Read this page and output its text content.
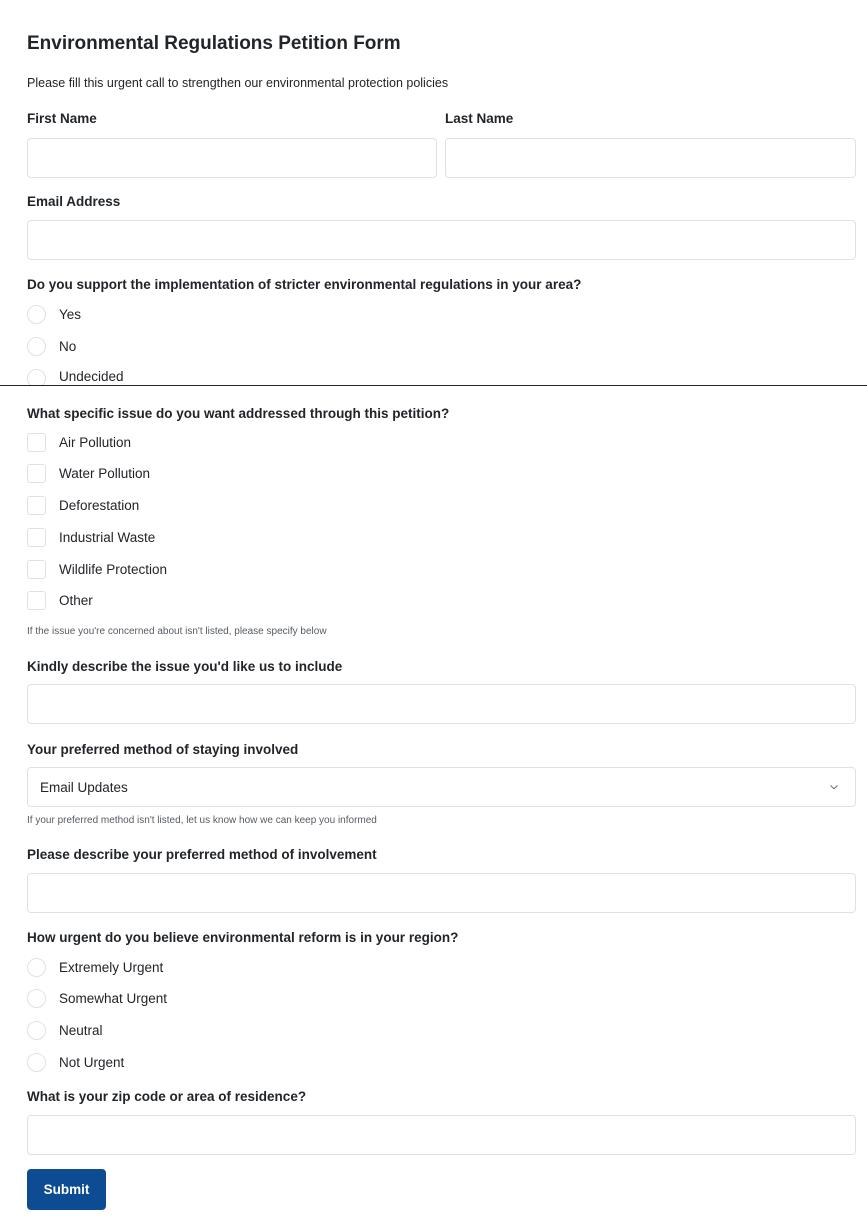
Environmental Regulations Petition Form
Please fill this urgent call to strengthen our environmental protection policies
First Name	Last Name
Email Address
Do you support the implementation of stricter environmental regulations in your area?
Yes
No
Undecided
What specific issue do you want addressed through this petition?
Air Pollution
Water Pollution
Deforestation
Industrial Waste
Wildlife Protection
Other
If the issue you're concerned about isn't listed, please specify below
Kindly describe the issue you'd like us to include
Your preferred method of staying involved
Email Updates
If your preferred method isn't listed, let us know how we can keep you informed
Please describe your preferred method of involvement
How urgent do you believe environmental reform is in your region?
Extremely Urgent
Somewhat Urgent
Neutral
Not Urgent
What is your zip code or area of residence?
Submit
